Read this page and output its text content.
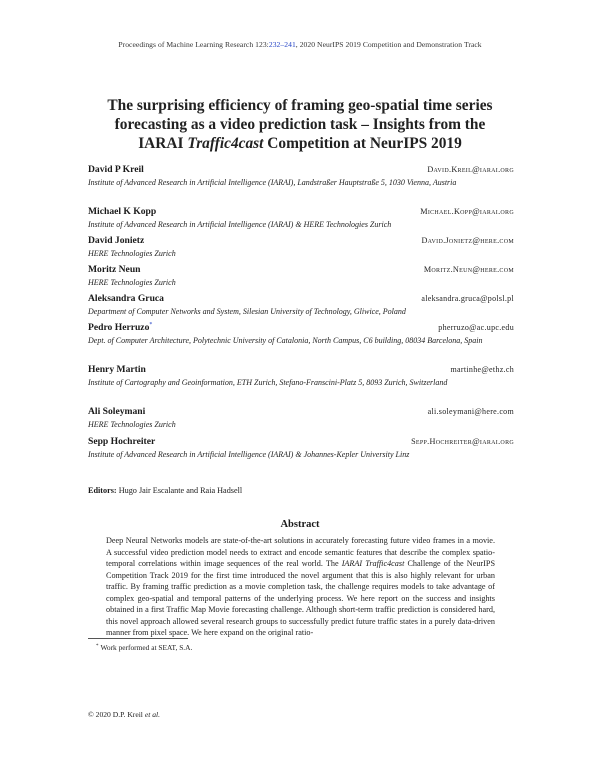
Proceedings of Machine Learning Research 123:232–241, 2020 NeurIPS 2019 Competition and Demonstration Track
The surprising efficiency of framing geo-spatial time series
forecasting as a video prediction task – Insights from the
IARAI Traffic4cast Competition at NeurIPS 2019
David P Kreil	David.Kreil@iarai.org
Institute of Advanced Research in Artificial Intelligence (IARAI), Landstraßer Hauptstraße 5, 1030 Vienna, Austria
Michael K Kopp	Michael.Kopp@iarai.org
Institute of Advanced Research in Artificial Intelligence (IARAI) & HERE Technologies Zurich
David Jonietz	David.Jonietz@here.com
HERE Technologies Zurich
Moritz Neun	Moritz.Neun@here.com
HERE Technologies Zurich
Aleksandra Gruca	aleksandra.gruca@polsl.pl
Department of Computer Networks and System, Silesian University of Technology, Gliwice, Poland
Pedro Herruzo*	pherruzo@ac.upc.edu
Dept. of Computer Architecture, Polytechnic University of Catalonia, North Campus, C6 building, 08034 Barcelona, Spain
Henry Martin	martinhe@ethz.ch
Institute of Cartography and Geoinformation, ETH Zurich, Stefano-Franscini-Platz 5, 8093 Zurich, Switzerland
Ali Soleymani	ali.soleymani@here.com
HERE Technologies Zurich
Sepp Hochreiter	Sepp.Hochreiter@iarai.org
Institute of Advanced Research in Artificial Intelligence (IARAI) & Johannes-Kepler University Linz
Editors: Hugo Jair Escalante and Raia Hadsell
Abstract
Deep Neural Networks models are state-of-the-art solutions in accurately forecasting future video frames in a movie. A successful video prediction model needs to extract and encode semantic features that describe the complex spatio-temporal correlations within image sequences of the real world. The IARAI Traffic4cast Challenge of the NeurIPS Competition Track 2019 for the first time introduced the novel argument that this is also highly relevant for urban traffic. By framing traffic prediction as a movie completion task, the challenge requires models to take advantage of complex geo-spatial and temporal patterns of the underlying process. We here report on the success and insights obtained in a first Traffic Map Movie forecasting challenge. Although short-term traffic prediction is considered hard, this novel approach allowed several research groups to successfully predict future traffic states in a purely data-driven manner from pixel space. We here expand on the original ratio-
* Work performed at SEAT, S.A.
© 2020 D.P. Kreil et al.
